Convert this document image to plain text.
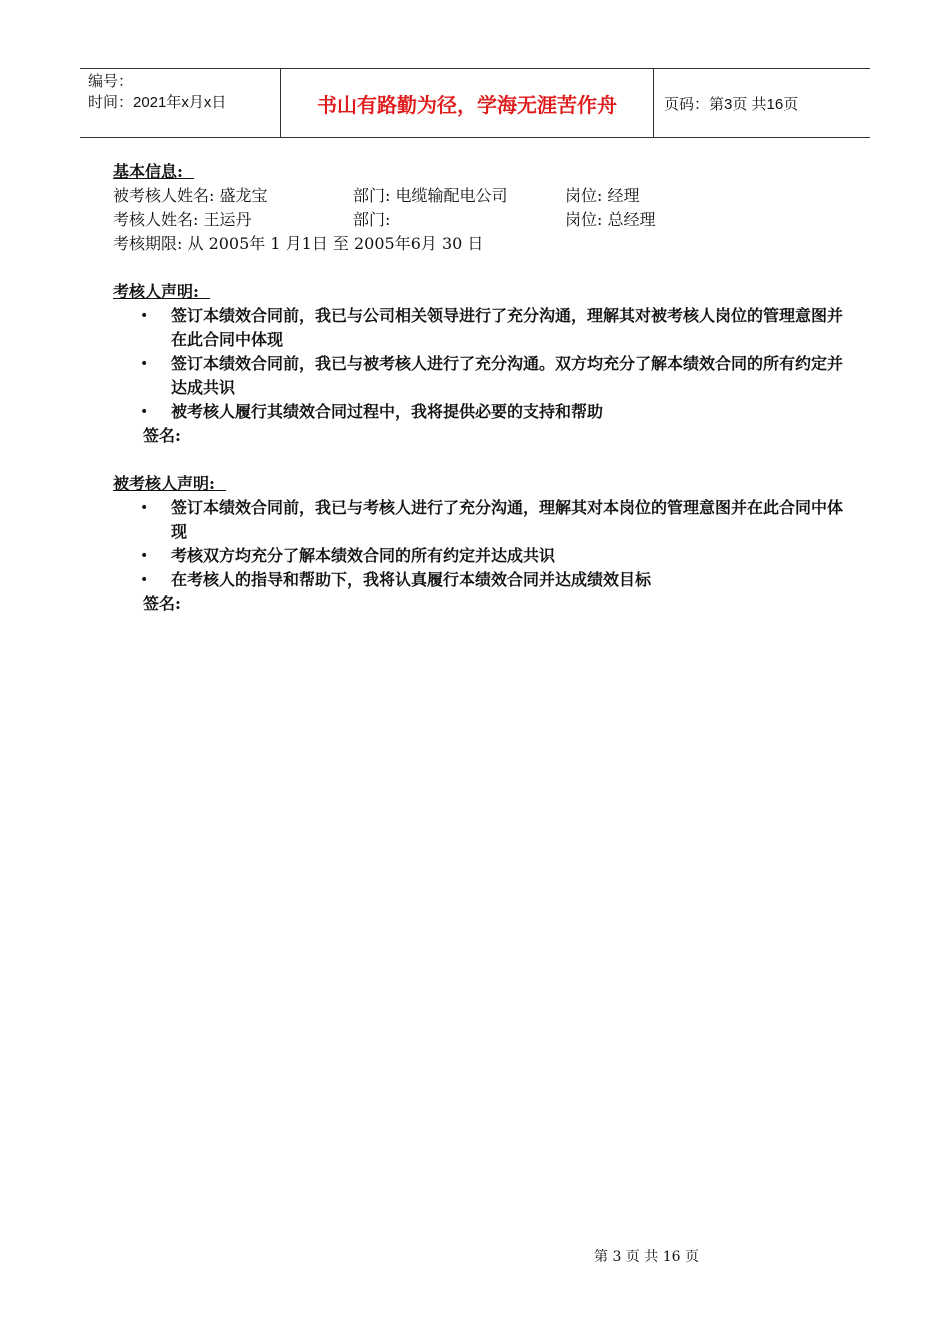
编号：
时间：2021年x月x日	书山有路勤为径，学海无涯苦作舟	页码：第3页 共16页
基本信息:
被考核人姓名: 盛龙宝	部门: 电缆输配电公司	岗位: 经理
考核人姓名: 王运丹	部门:	岗位: 总经理
考核期限: 从 2005年 1 月1日 至 2005年6月 30 日
考核人声明:
• 签订本绩效合同前，我已与公司相关领导进行了充分沟通，理解其对被考核人岗位的管理意图并在此合同中体现
• 签订本绩效合同前，我已与被考核人进行了充分沟通。双方均充分了解本绩效合同的所有约定并达成共识
• 被考核人履行其绩效合同过程中，我将提供必要的支持和帮助
签名:
被考核人声明:
• 签订本绩效合同前，我已与考核人进行了充分沟通，理解其对本岗位的管理意图并在此合同中体现
• 考核双方均充分了解本绩效合同的所有约定并达成共识
• 在考核人的指导和帮助下，我将认真履行本绩效合同并达成绩效目标
签名:
第 3 页 共 16 页
